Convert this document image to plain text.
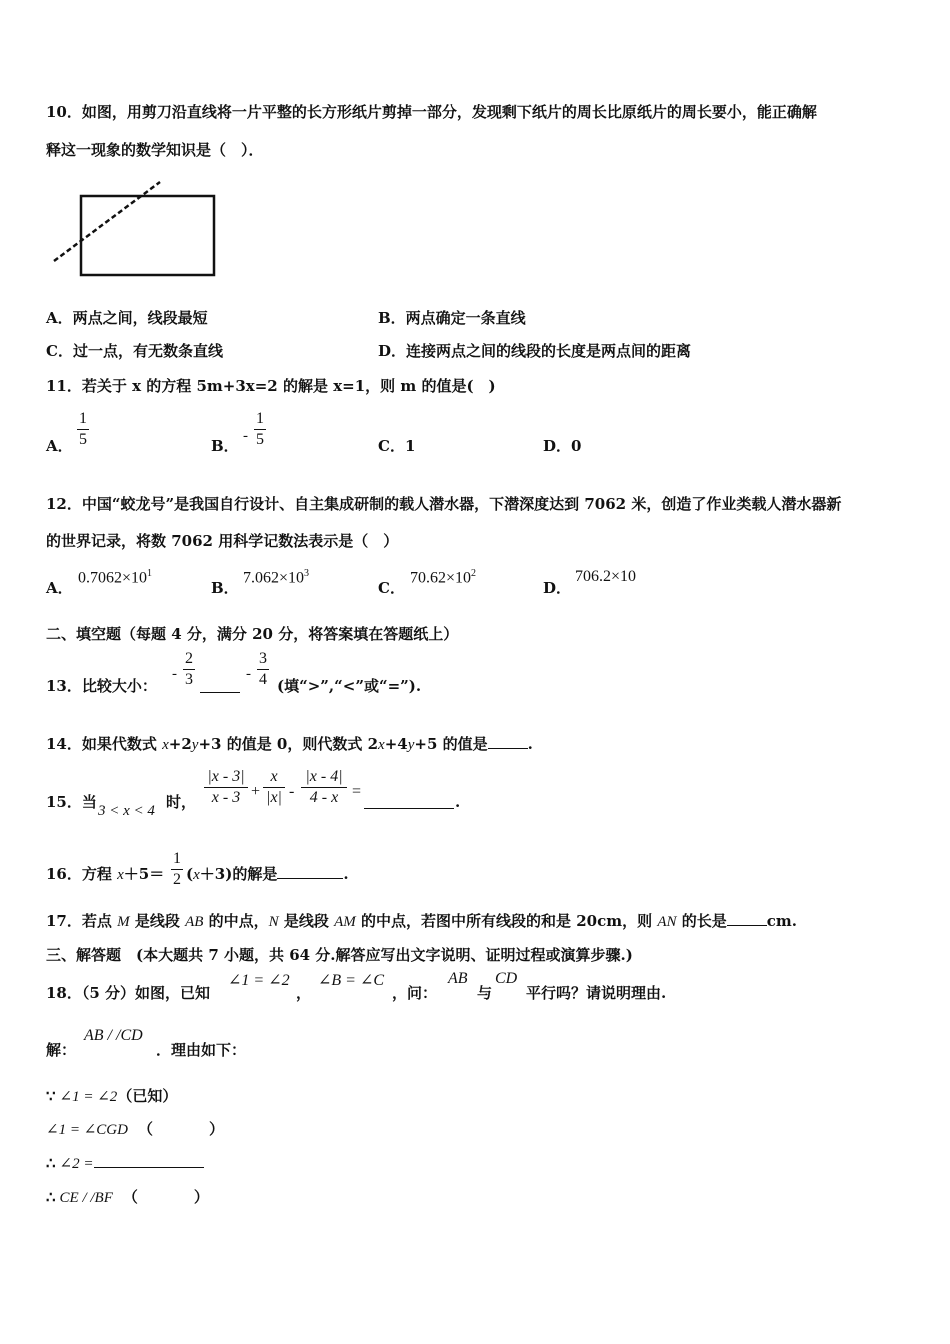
10．如图，用剪刀沿直线将一片平整的长方形纸片剪掉一部分，发现剩下纸片的周长比原纸片的周长要小，能正确解
释这一现象的数学知识是（　）．
A．两点之间，线段最短	B．两点确定一条直线
C．过一点，有无数条直线	D．连接两点之间的线段的长度是两点间的距离
11．若关于 x 的方程 5m+3x=2 的解是 x=1，则 m 的值是(　)
A．
1
5	B．
-
1
5	C．1	D．0
12．中国“蛟龙号”是我国自行设计、自主集成研制的载人潜水器，下潜深度达到 7062 米，创造了作业类载人潜水器新
的世界记录，将数 7062 用科学记数法表示是（　）
A．
$0.7062\times 10^1$
B．
$7.062\times 10^3$
C．
$70.62\times 10^2$
D．
706.2×10
二、填空题（每题 4 分，满分 20 分，将答案填在答题纸上）
13．比较大小：
-
2
3	-
3
4 (填“>”,“<”或“=”).
14．如果代数式 x+2y+3 的值是 0，则代数式 2x+4y+5 的值是	.
15．当 3 < x < 4 时，
|x - 3|
x - 3 +
x
|x| -
|x - 4|
4 - x =
.
16．方程 x＋5＝
1
2 (x＋3)的解是	.
17．若点 M 是线段 AB 的中点，N 是线段 AM 的中点，若图中所有线段的和是 20cm，则 AN 的长是	cm.
三、解答题　(本大题共 7 小题，共 64 分.解答应写出文字说明、证明过程或演算步骤.)
18．（5 分）如图，已知
∠1 = ∠2
，
∠B = ∠C
，问：
AB
与
CD
平行吗？请说明理由.
解：
AB / /CD
．理由如下：
∵ ∠1 = ∠2（已知）
∠1 = ∠CGD （	）
∴ ∠2 =
∴ CE / /BF （	）
